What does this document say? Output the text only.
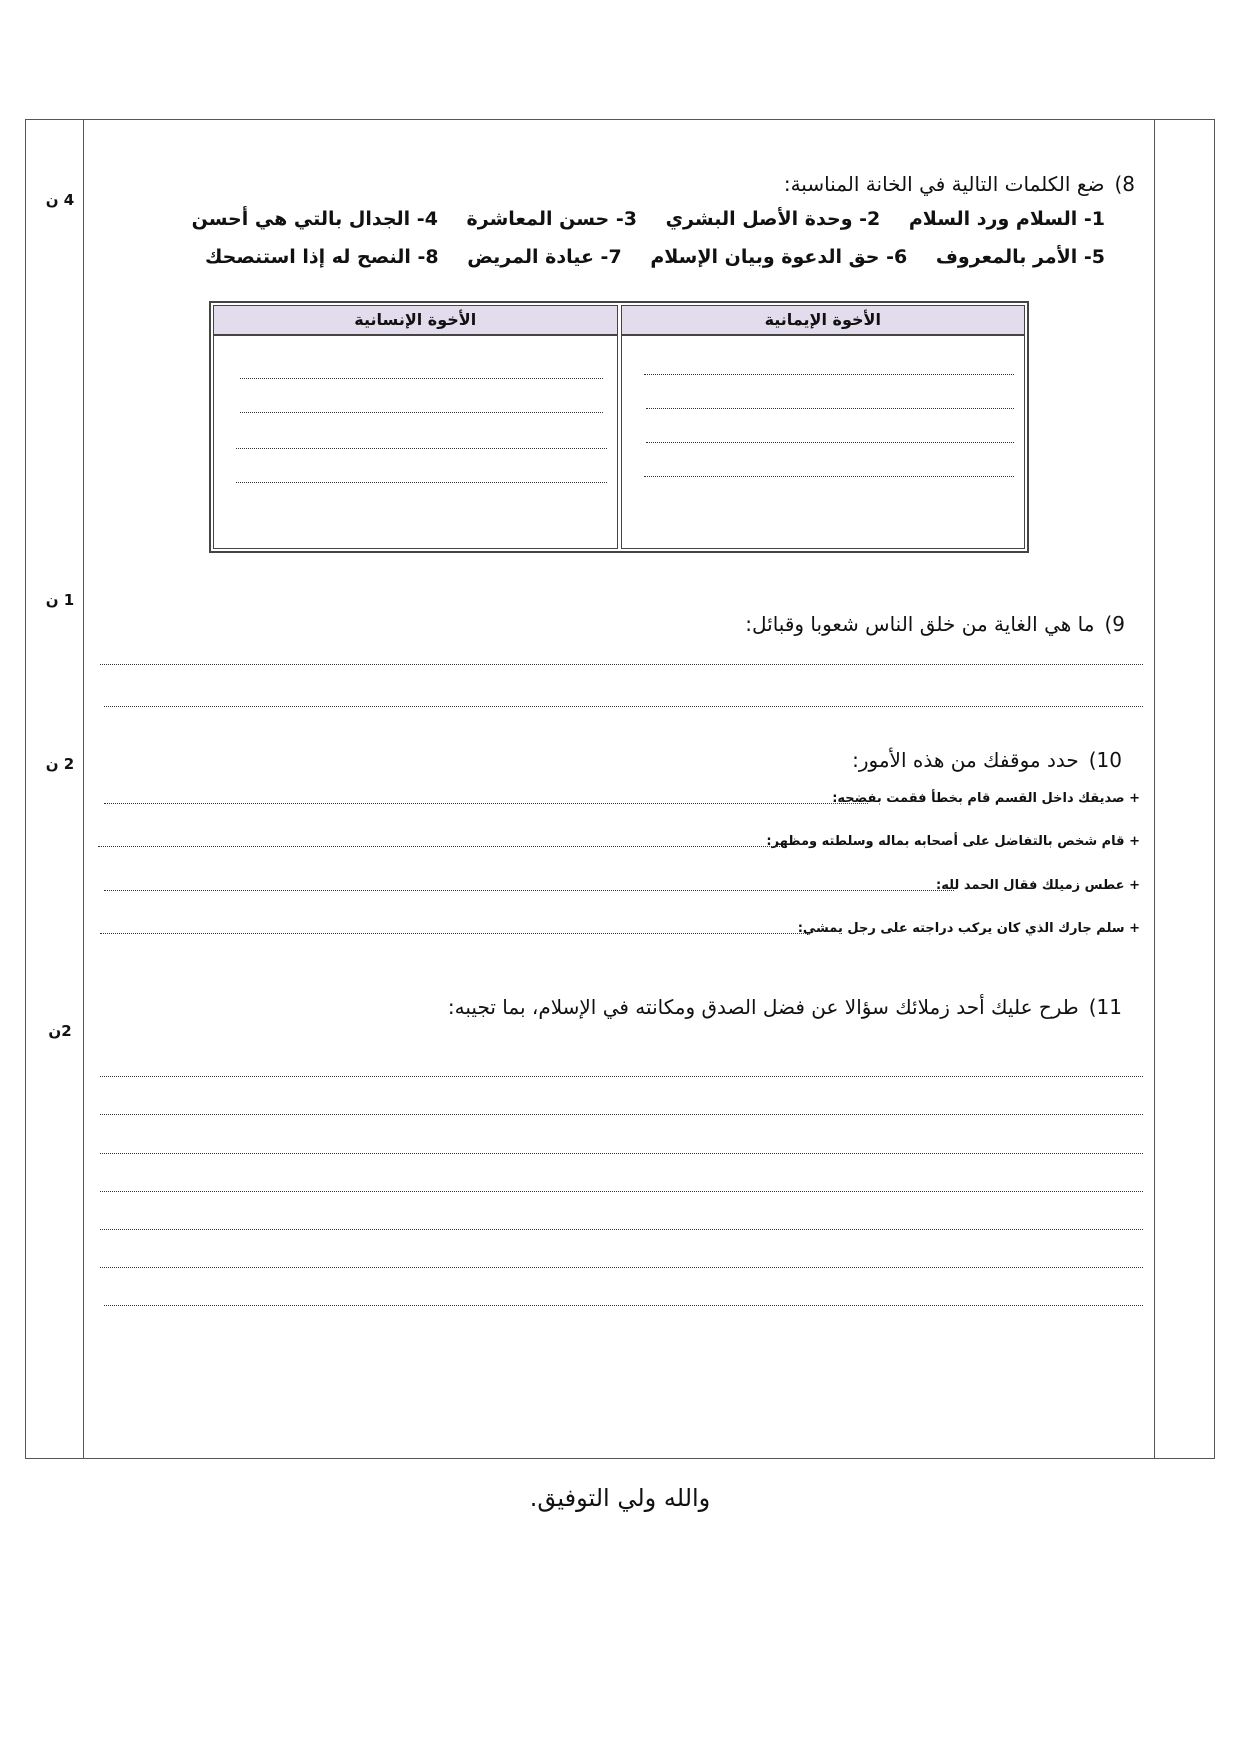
4 ن
1 ن
2 ن
2ن
8)ضع الكلمات التالية في الخانة المناسبة:
1- السلام ورد السلام 2- وحدة الأصل البشري 3- حسن المعاشرة 4- الجدال بالتي هي أحسن
5- الأمر بالمعروف 6- حق الدعوة وبيان الإسلام 7- عيادة المريض 8- النصح له إذا استنصحك
الأخوة الإيمانية
الأخوة الإنسانية
9)ما هي الغاية من خلق الناس شعوبا وقبائل:
10)حدد موقفك من هذه الأمور:
+ صديقك داخل القسم قام بخطأ فقمت بفضحه:
+ قام شخص بالتفاضل على أصحابه بماله وسلطته ومظهر:
+ عطس زميلك فقال الحمد لله:
+ سلم جارك الذي كان يركب دراجته على رجل يمشي:
11)طرح عليك أحد زملائك سؤالا عن فضل الصدق ومكانته في الإسلام، بما تجيبه:
والله ولي التوفيق.
